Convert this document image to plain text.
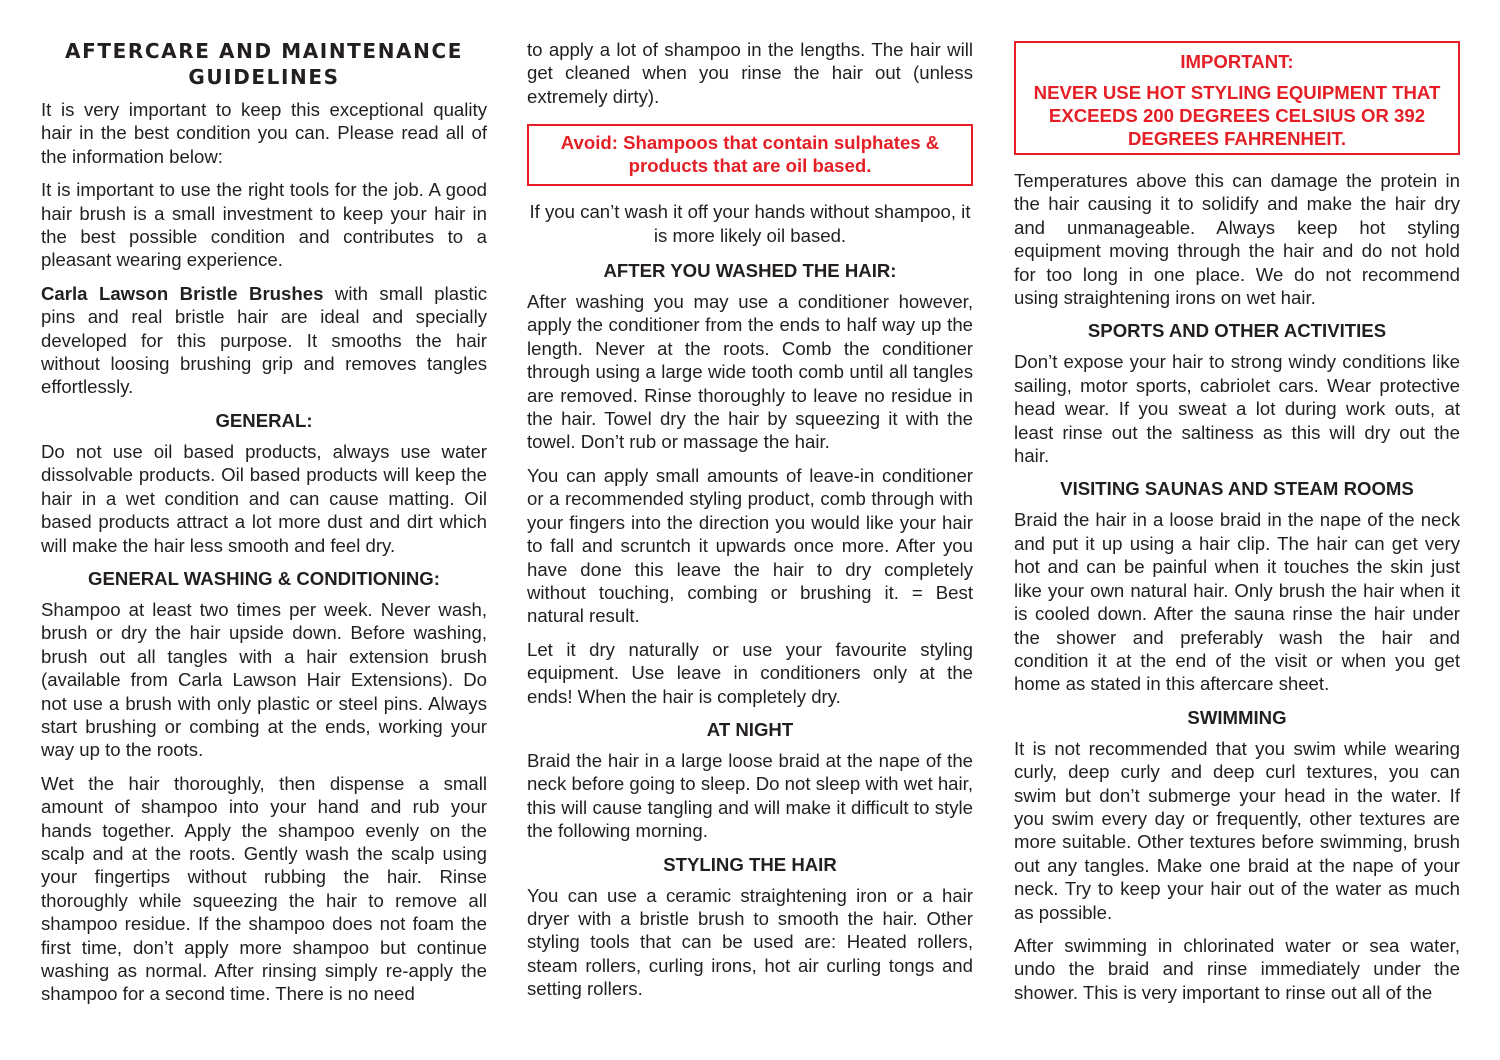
AFTERCARE AND MAINTENANCE GUIDELINES

It is very important to keep this exceptional quality hair in the best condition you can. Please read all of the information below:

It is important to use the right tools for the job. A good hair brush is a small investment to keep your hair in the best possible condition and contributes to a pleasant wearing experience.

Carla Lawson Bristle Brushes with small plastic pins and real bristle hair are ideal and specially developed for this purpose. It smooths the hair without loosing brushing grip and removes tangles effortlessly.

GENERAL:

Do not use oil based products, always use water dissolvable products. Oil based products will keep the hair in a wet condition and can cause matting. Oil based products attract a lot more dust and dirt which will make the hair less smooth and feel dry.

GENERAL WASHING & CONDITIONING:

Shampoo at least two times per week. Never wash, brush or dry the hair upside down. Before washing, brush out all tangles with a hair extension brush (available from Carla Lawson Hair Extensions). Do not use a brush with only plastic or steel pins. Always start brushing or combing at the ends, working your way up to the roots.

Wet the hair thoroughly, then dispense a small amount of shampoo into your hand and rub your hands together. Apply the shampoo evenly on the scalp and at the roots. Gently wash the scalp using your fingertips without rubbing the hair. Rinse thoroughly while squeezing the hair to remove all shampoo residue. If the shampoo does not foam the first time, don’t apply more shampoo but continue washing as normal. After rinsing simply re-apply the shampoo for a second time. There is no need

to apply a lot of shampoo in the lengths. The hair will get cleaned when you rinse the hair out (unless extremely dirty).

Avoid: Shampoos that contain sulphates & products that are oil based.

If you can’t wash it off your hands without shampoo, it is more likely oil based.

AFTER YOU WASHED THE HAIR:

After washing you may use a conditioner however, apply the conditioner from the ends to half way up the length. Never at the roots. Comb the conditioner through using a large wide tooth comb until all tangles are removed. Rinse thoroughly to leave no residue in the hair. Towel dry the hair by squeezing it with the towel. Don’t rub or massage the hair.

You can apply small amounts of leave-in conditioner or a recommended styling product, comb through with your fingers into the direction you would like your hair to fall and scruntch it upwards once more. After you have done this leave the hair to dry completely without touching, combing or brushing it. = Best natural result.

Let it dry naturally or use your favourite styling equipment. Use leave in conditioners only at the ends! When the hair is completely dry.

AT NIGHT

Braid the hair in a large loose braid at the nape of the neck before going to sleep. Do not sleep with wet hair, this will cause tangling and will make it difficult to style the following morning.

STYLING THE HAIR

You can use a ceramic straightening iron or a hair dryer with a bristle brush to smooth the hair. Other styling tools that can be used are: Heated rollers, steam rollers, curling irons, hot air curling tongs and setting rollers.

IMPORTANT:
NEVER USE HOT STYLING EQUIPMENT THAT EXCEEDS 200 DEGREES CELSIUS OR 392 DEGREES FAHRENHEIT.

Temperatures above this can damage the protein in the hair causing it to solidify and make the hair dry and unmanageable. Always keep hot styling equipment moving through the hair and do not hold for too long in one place. We do not recommend using straightening irons on wet hair.

SPORTS AND OTHER ACTIVITIES

Don’t expose your hair to strong windy conditions like sailing, motor sports, cabriolet cars. Wear protective head wear. If you sweat a lot during work outs, at least rinse out the saltiness as this will dry out the hair.

VISITING SAUNAS AND STEAM ROOMS

Braid the hair in a loose braid in the nape of the neck and put it up using a hair clip. The hair can get very hot and can be painful when it touches the skin just like your own natural hair. Only brush the hair when it is cooled down. After the sauna rinse the hair under the shower and preferably wash the hair and condition it at the end of the visit or when you get home as stated in this aftercare sheet.

SWIMMING

It is not recommended that you swim while wearing curly, deep curly and deep curl textures, you can swim but don’t submerge your head in the water. If you swim every day or frequently, other textures are more suitable. Other textures before swimming, brush out any tangles. Make one braid at the nape of your neck. Try to keep your hair out of the water as much as possible.

After swimming in chlorinated water or sea water, undo the braid and rinse immediately under the shower. This is very important to rinse out all of the
